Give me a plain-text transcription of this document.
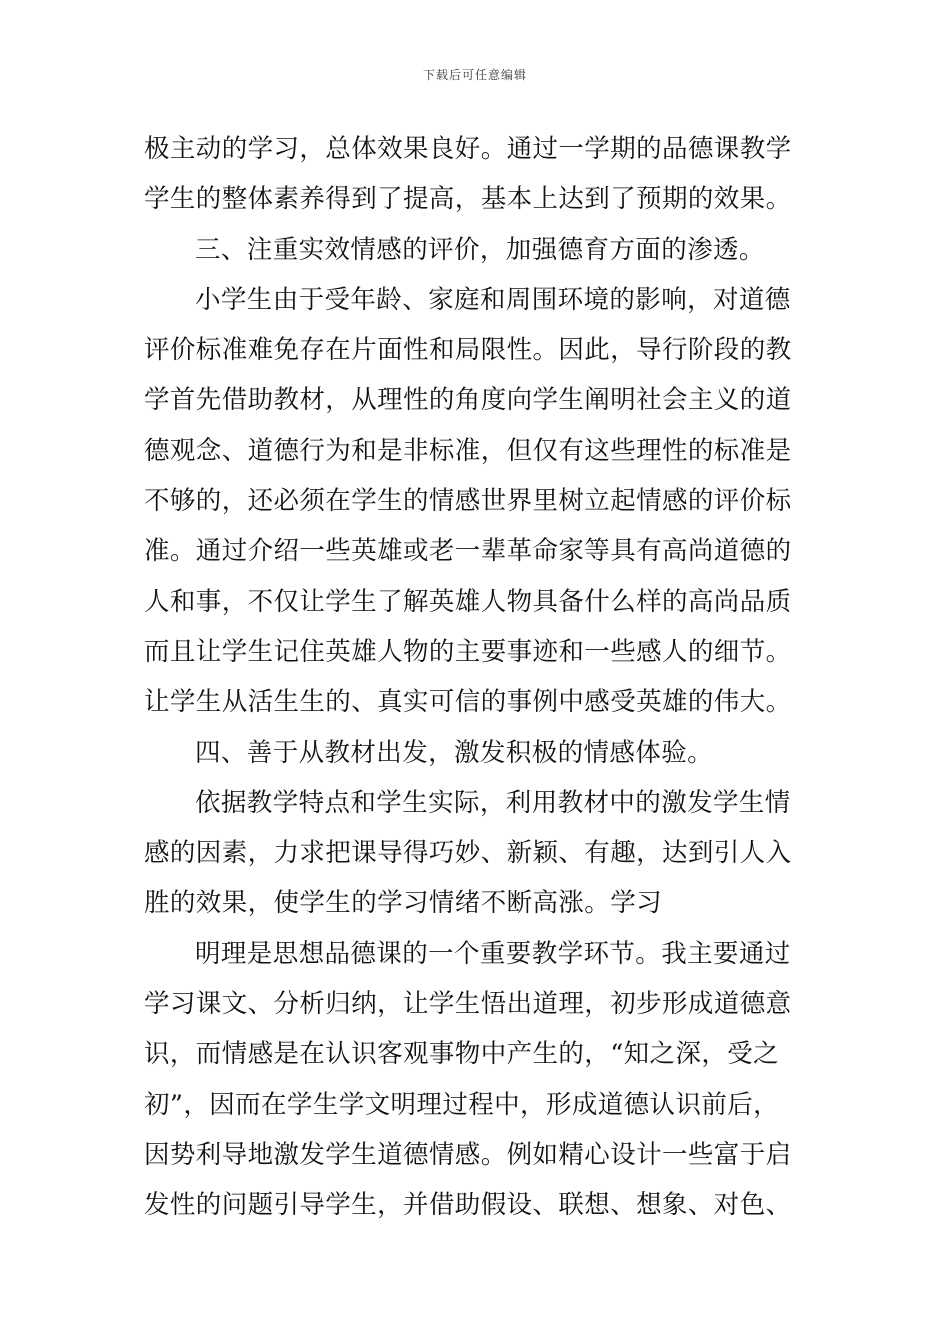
下载后可任意编辑
极主动的学习，总体效果良好。通过一学期的品德课教学
学生的整体素养得到了提高，基本上达到了预期的效果。
三、注重实效情感的评价，加强德育方面的渗透。
小学生由于受年龄、家庭和周围环境的影响，对道德
评价标准难免存在片面性和局限性。因此，导行阶段的教
学首先借助教材，从理性的角度向学生阐明社会主义的道
德观念、道德行为和是非标准，但仅有这些理性的标准是
不够的，还必须在学生的情感世界里树立起情感的评价标
准。通过介绍一些英雄或老一辈革命家等具有高尚道德的
人和事，不仅让学生了解英雄人物具备什么样的高尚品质
而且让学生记住英雄人物的主要事迹和一些感人的细节。
让学生从活生生的、真实可信的事例中感受英雄的伟大。
四、善于从教材出发，激发积极的情感体验。
依据教学特点和学生实际，利用教材中的激发学生情
感的因素，力求把课导得巧妙、新颖、有趣，达到引人入
胜的效果，使学生的学习情绪不断高涨。学习
明理是思想品德课的一个重要教学环节。我主要通过
学习课文、分析归纳，让学生悟出道理，初步形成道德意
识，而情感是在认识客观事物中产生的，“知之深，受之
初”，因而在学生学文明理过程中，形成道德认识前后，
因势利导地激发学生道德情感。例如精心设计一些富于启
发性的问题引导学生，并借助假设、联想、想象、对色、
